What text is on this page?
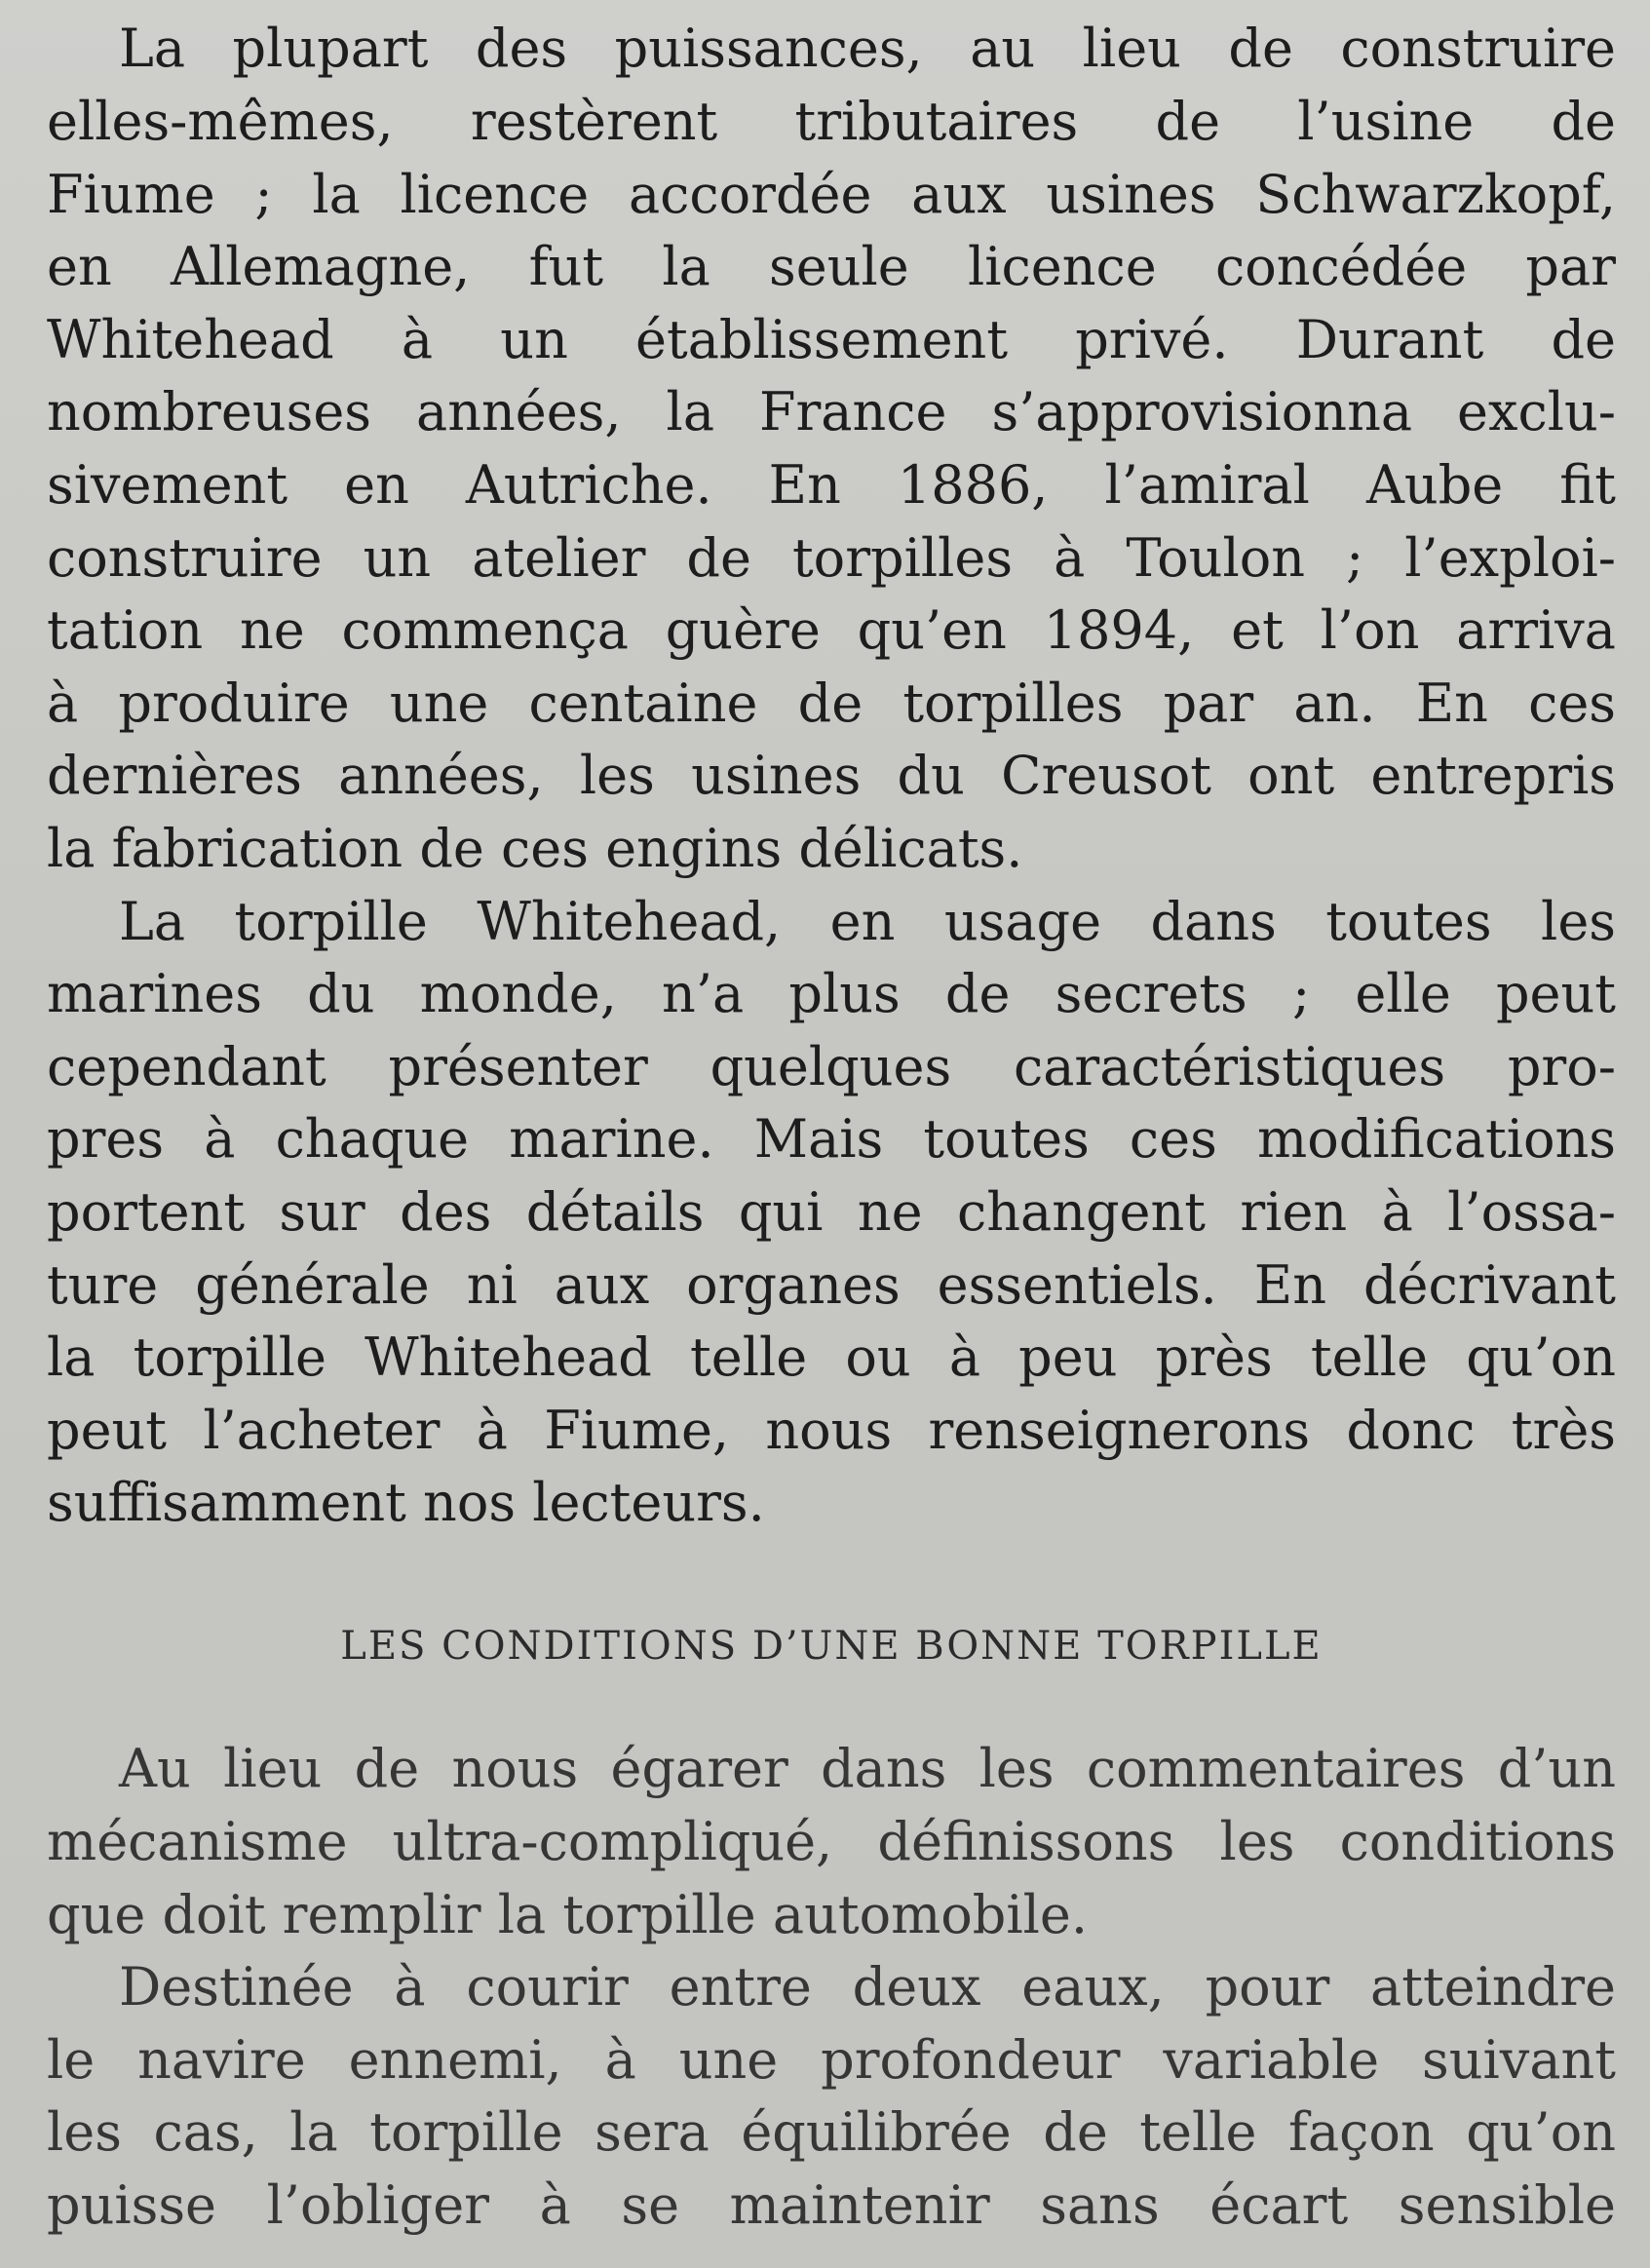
La plupart des puissances, au lieu de construire
elles-mêmes, restèrent tributaires de l’usine de
Fiume ; la licence accordée aux usines Schwarzkopf,
en Allemagne, fut la seule licence concédée par
Whitehead à un établissement privé. Durant de
nombreuses années, la France s’approvisionna exclu-
sivement en Autriche. En 1886, l’amiral Aube fit
construire un atelier de torpilles à Toulon ; l’exploi-
tation ne commença guère qu’en 1894, et l’on arriva
à produire une centaine de torpilles par an. En ces
dernières années, les usines du Creusot ont entrepris
la fabrication de ces engins délicats.
La torpille Whitehead, en usage dans toutes les
marines du monde, n’a plus de secrets ; elle peut
cependant présenter quelques caractéristiques pro-
pres à chaque marine. Mais toutes ces modifications
portent sur des détails qui ne changent rien à l’ossa-
ture générale ni aux organes essentiels. En décrivant
la torpille Whitehead telle ou à peu près telle qu’on
peut l’acheter à Fiume, nous renseignerons donc très
suffisamment nos lecteurs.
LES CONDITIONS D’UNE BONNE TORPILLE
Au lieu de nous égarer dans les commentaires d’un
mécanisme ultra-compliqué, définissons les conditions
que doit remplir la torpille automobile.
Destinée à courir entre deux eaux, pour atteindre
le navire ennemi, à une profondeur variable suivant
les cas, la torpille sera équilibrée de telle façon qu’on
puisse l’obliger à se maintenir sans écart sensible
